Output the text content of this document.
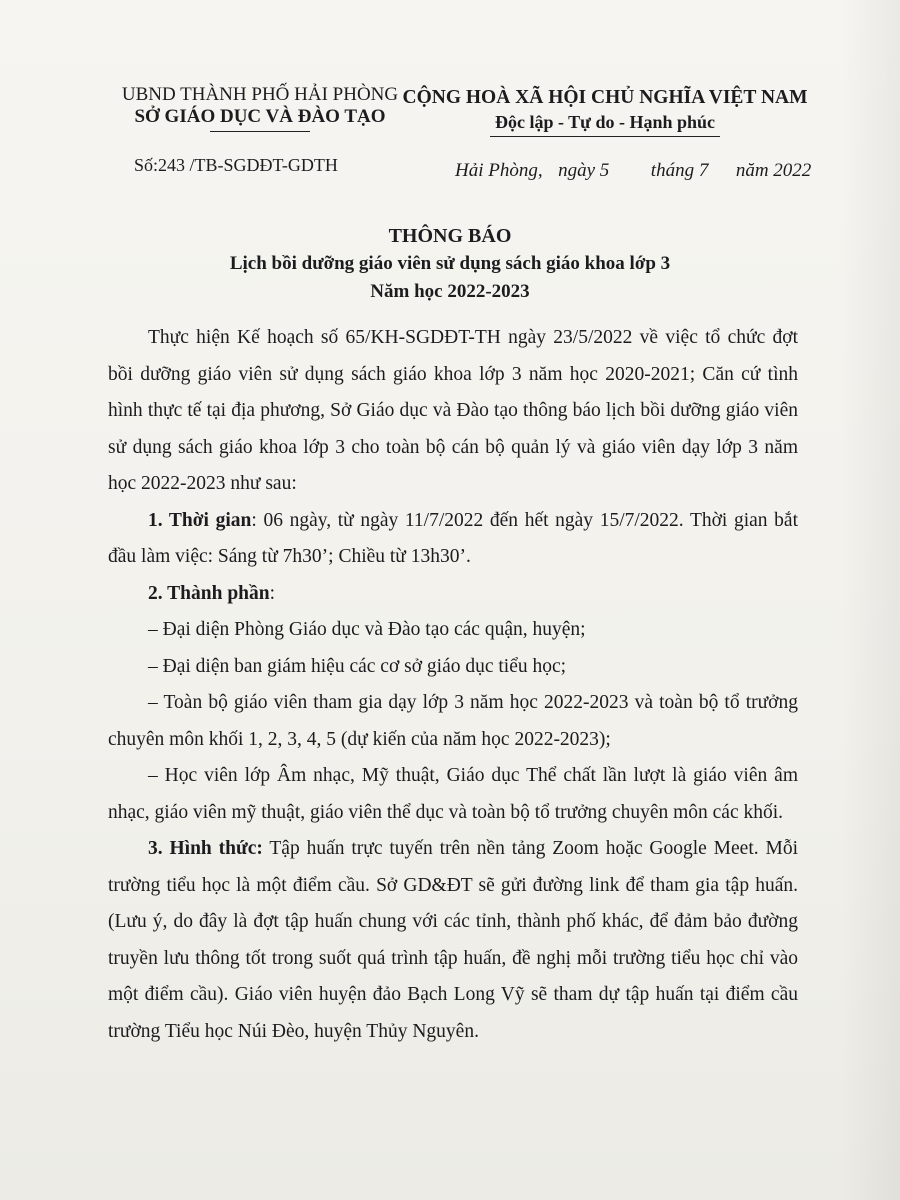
UBND THÀNH PHỐ HẢI PHÒNG
SỞ GIÁO DỤC VÀ ĐÀO TẠO
CỘNG HOÀ XÃ HỘI CHỦ NGHĨA VIỆT NAM
Độc lập - Tự do - Hạnh phúc
Số:243 /TB-SGDĐT-GDTH	Hải Phòng, ngày 5 tháng 7 năm 2022
THÔNG BÁO
Lịch bồi dưỡng giáo viên sử dụng sách giáo khoa lớp 3
Năm học 2022-2023

Thực hiện Kế hoạch số 65/KH-SGDĐT-TH ngày 23/5/2022 về việc tổ chức đợt bồi dưỡng giáo viên sử dụng sách giáo khoa lớp 3 năm học 2020-2021; Căn cứ tình hình thực tế tại địa phương, Sở Giáo dục và Đào tạo thông báo lịch bồi dưỡng giáo viên sử dụng sách giáo khoa lớp 3 cho toàn bộ cán bộ quản lý và giáo viên dạy lớp 3 năm học 2022-2023 như sau:

1. Thời gian: 06 ngày, từ ngày 11/7/2022 đến hết ngày 15/7/2022. Thời gian bắt đầu làm việc: Sáng từ 7h30’; Chiều từ 13h30’.

2. Thành phần:

– Đại diện Phòng Giáo dục và Đào tạo các quận, huyện;

– Đại diện ban giám hiệu các cơ sở giáo dục tiểu học;

– Toàn bộ giáo viên tham gia dạy lớp 3 năm học 2022-2023 và toàn bộ tổ trưởng chuyên môn khối 1, 2, 3, 4, 5 (dự kiến của năm học 2022-2023);

– Học viên lớp Âm nhạc, Mỹ thuật, Giáo dục Thể chất lần lượt là giáo viên âm nhạc, giáo viên mỹ thuật, giáo viên thể dục và toàn bộ tổ trưởng chuyên môn các khối.

3. Hình thức: Tập huấn trực tuyến trên nền tảng Zoom hoặc Google Meet. Mỗi trường tiểu học là một điểm cầu. Sở GD&ĐT sẽ gửi đường link để tham gia tập huấn. (Lưu ý, do đây là đợt tập huấn chung với các tỉnh, thành phố khác, để đảm bảo đường truyền lưu thông tốt trong suốt quá trình tập huấn, đề nghị mỗi trường tiểu học chỉ vào một điểm cầu). Giáo viên huyện đảo Bạch Long Vỹ sẽ tham dự tập huấn tại điểm cầu trường Tiểu học Núi Đèo, huyện Thủy Nguyên.
